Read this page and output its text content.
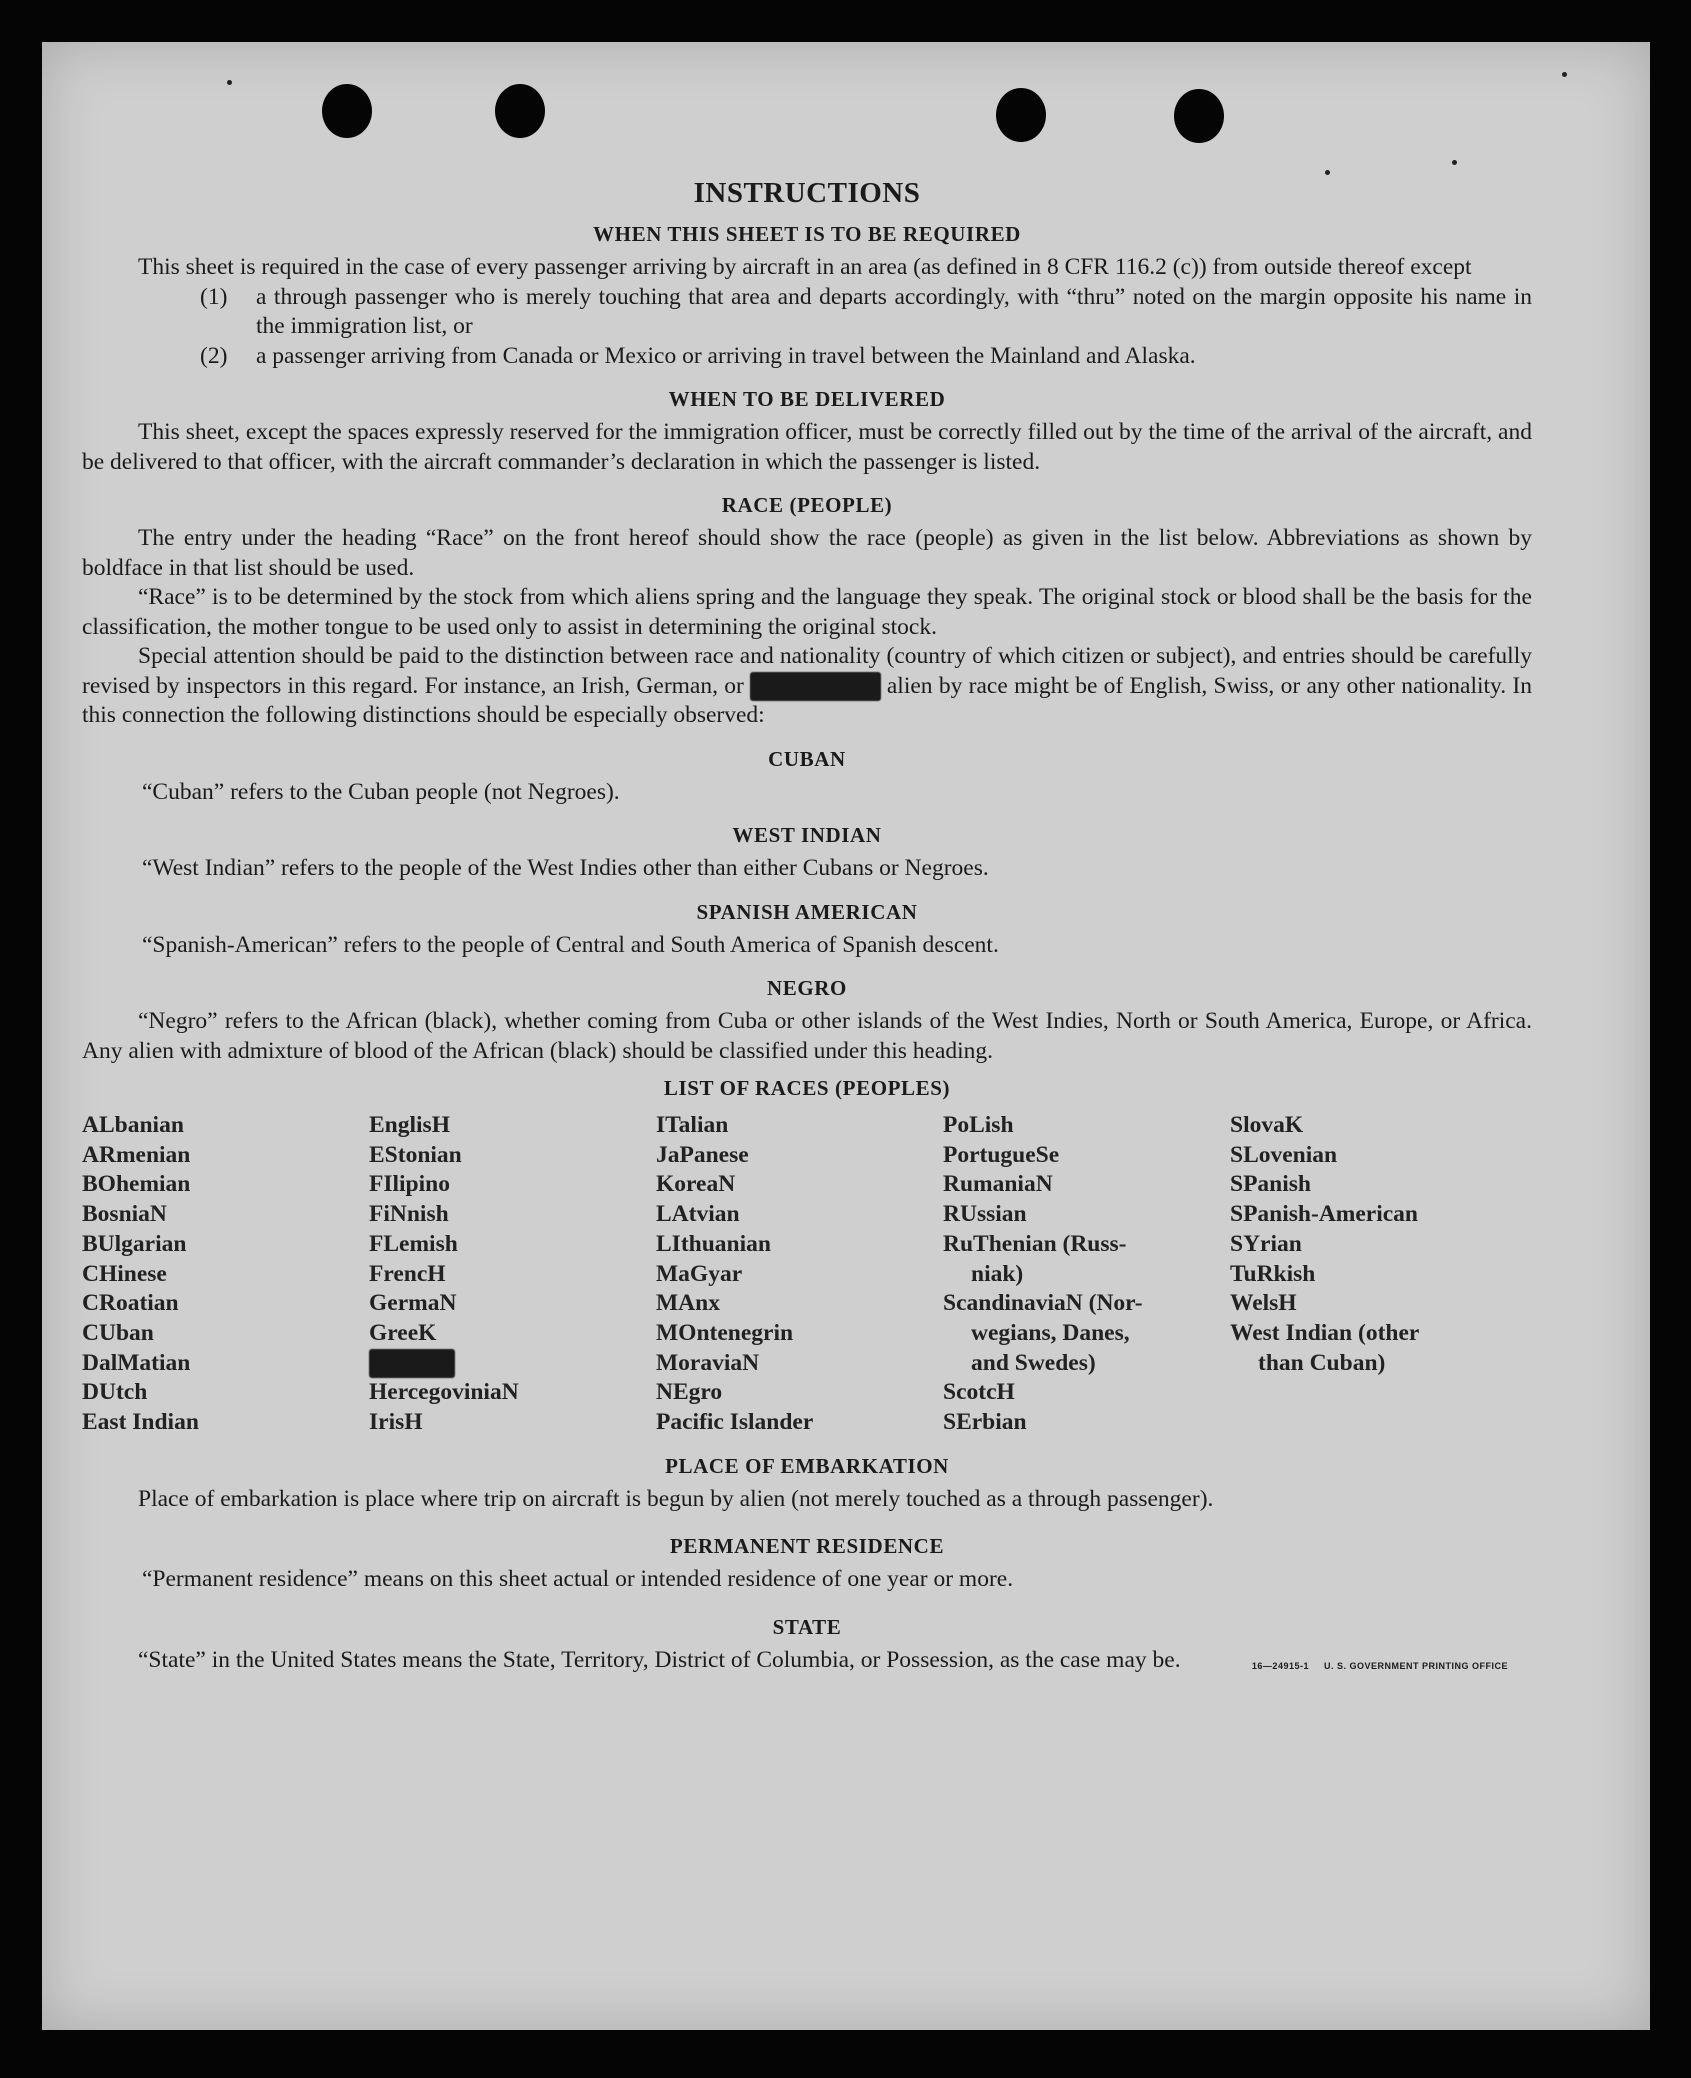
INSTRUCTIONS
WHEN THIS SHEET IS TO BE REQUIRED

This sheet is required in the case of every passenger arriving by aircraft in an area (as defined in 8 CFR 116.2 (c)) from outside thereof except

(1)	a through passenger who is merely touching that area and departs accordingly, with “thru” noted on the margin opposite his name in the immigration list, or
(2)	a passenger arriving from Canada or Mexico or arriving in travel between the Mainland and Alaska.
WHEN TO BE DELIVERED

This sheet, except the spaces expressly reserved for the immigration officer, must be correctly filled out by the time of the arrival of the aircraft, and be delivered to that officer, with the aircraft commander’s declaration in which the passenger is listed.

RACE (PEOPLE)

The entry under the heading “Race” on the front hereof should show the race (people) as given in the list below. Abbreviations as shown by boldface in that list should be used.

“Race” is to be determined by the stock from which aliens spring and the language they speak. The original stock or blood shall be the basis for the classification, the mother tongue to be used only to assist in determining the original stock.

Special attention should be paid to the distinction between race and nationality (country of which citizen or subject), and entries should be carefully revised by inspectors in this regard. For instance, an Irish, German, or	Hebrew alien by race might be of English, Swiss, or any other nationality. In this connection the following distinctions should be especially observed:

CUBAN

“Cuban” refers to the Cuban people (not Negroes).

WEST INDIAN

“West Indian” refers to the people of the West Indies other than either Cubans or Negroes.

SPANISH AMERICAN

“Spanish-American” refers to the people of Central and South America of Spanish descent.

NEGRO

“Negro” refers to the African (black), whether coming from Cuba or other islands of the West Indies, North or South America, Europe, or Africa. Any alien with admixture of blood of the African (black) should be classified under this heading.

LIST OF RACES (PEOPLES)
ALbanian
ARmenian
BOhemian
BosniaN
BUlgarian
CHinese
CRoatian
CUban
DalMatian
DUtch
East Indian
EnglisH
EStonian
FIlipino
FiNnish
FLemish
FrencH
GermaN
GreeK
HebreW
HercegoviniaN
IrisH
ITalian
JaPanese
KoreaN
LAtvian
LIthuanian
MaGyar
MAnx
MOntenegrin
MoraviaN
NEgro
Pacific Islander
PoLish
PortugueSe
RumaniaN
RUssian
RuThenian (Russ-
niak)
ScandinaviaN (Nor-
wegians, Danes,
and Swedes)
ScotcH
SErbian
SlovaK
SLovenian
SPanish
SPanish-American
SYrian
TuRkish
WelsH
West Indian (other
than Cuban)
PLACE OF EMBARKATION

Place of embarkation is place where trip on aircraft is begun by alien (not merely touched as a through passenger).

PERMANENT RESIDENCE

“Permanent residence” means on this sheet actual or intended residence of one year or more.

STATE

“State” in the United States means the State, Territory, District of Columbia, or Possession, as the case may be.	16—24915-1 U. S. GOVERNMENT PRINTING OFFICE
